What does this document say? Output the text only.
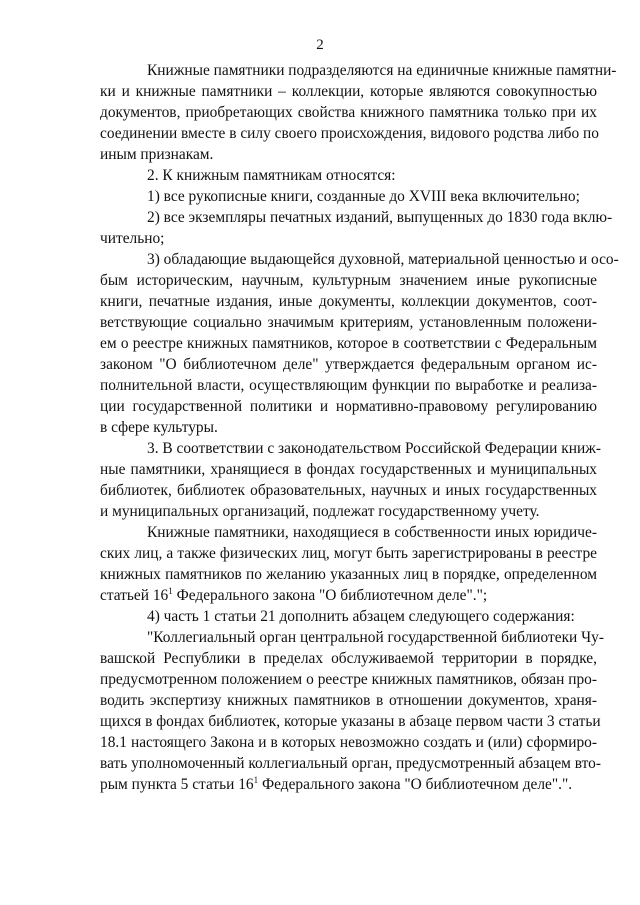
2
Книжные памятники подразделяются на единичные книжные памятни-
ки и книжные памятники – коллекции, которые являются совокупностью
документов, приобретающих свойства книжного памятника только при их
соединении вместе в силу своего происхождения, видового родства либо по
иным признакам.
2. К книжным памятникам относятся:
1) все рукописные книги, созданные до XVIII века включительно;
2) все экземпляры печатных изданий, выпущенных до 1830 года вклю-
чительно;
3) обладающие выдающейся духовной, материальной ценностью и осо-
бым историческим, научным, культурным значением иные рукописные
книги, печатные издания, иные документы, коллекции документов, соот-
ветствующие социально значимым критериям, установленным положени-
ем о реестре книжных памятников, которое в соответствии с Федеральным
законом "О библиотечном деле" утверждается федеральным органом ис-
полнительной власти, осуществляющим функции по выработке и реализа-
ции государственной политики и нормативно-правовому регулированию
в сфере культуры.
3. В соответствии с законодательством Российской Федерации книж-
ные памятники, хранящиеся в фондах государственных и муниципальных
библиотек, библиотек образовательных, научных и иных государственных
и муниципальных организаций, подлежат государственному учету.
Книжные памятники, находящиеся в собственности иных юридиче-
ских лиц, а также физических лиц, могут быть зарегистрированы в реестре
книжных памятников по желанию указанных лиц в порядке, определенном
статьей $16^1$ Федерального закона "О библиотечном деле".";
4) часть 1 статьи 21 дополнить абзацем следующего содержания:
"Коллегиальный орган центральной государственной библиотеки Чу-
вашской Республики в пределах обслуживаемой территории в порядке,
предусмотренном положением о реестре книжных памятников, обязан про-
водить экспертизу книжных памятников в отношении документов, храня-
щихся в фондах библиотек, которые указаны в абзаце первом части 3 статьи
18.1 настоящего Закона и в которых невозможно создать и (или) сформиро-
вать уполномоченный коллегиальный орган, предусмотренный абзацем вто-
рым пункта 5 статьи $16^1$ Федерального закона "О библиотечном деле".".
